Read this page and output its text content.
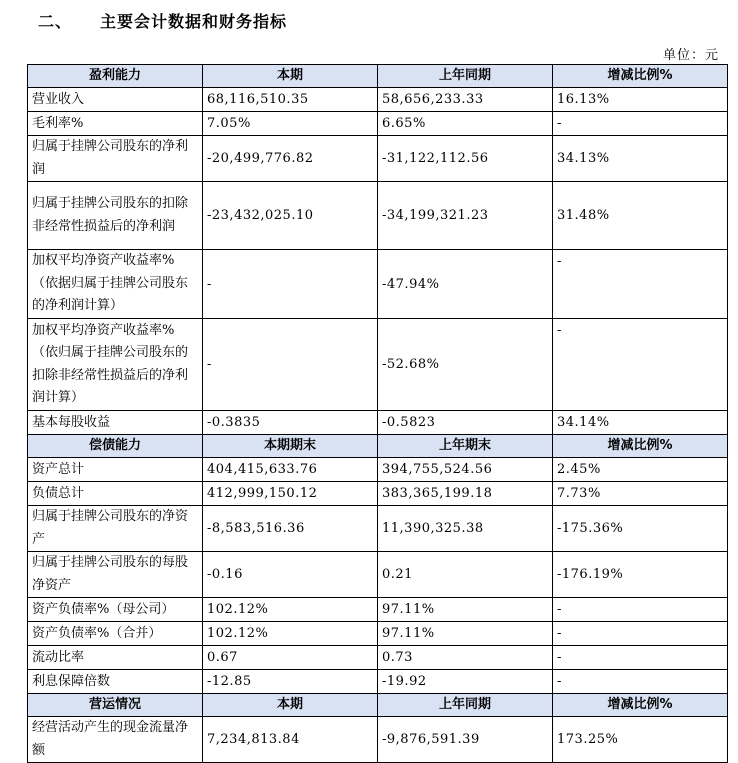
二、	主要会计数据和财务指标
单位：元
盈利能力	本期	上年同期	增减比例%
营业收入	68,116,510.35	58,656,233.33	16.13%
毛利率%	7.05%	6.65%	-
归属于挂牌公司股东的净利润	-20,499,776.82	-31,122,112.56	34.13%
归属于挂牌公司股东的扣除非经常性损益后的净利润	-23,432,025.10	-34,199,321.23	31.48%
加权平均净资产收益率%（依据归属于挂牌公司股东的净利润计算）	-	-47.94%	-
加权平均净资产收益率%（依归属于挂牌公司股东的扣除非经常性损益后的净利润计算）	-	-52.68%	-
基本每股收益	-0.3835	-0.5823	34.14%
偿债能力	本期期末	上年期末	增减比例%
资产总计	404,415,633.76	394,755,524.56	2.45%
负债总计	412,999,150.12	383,365,199.18	7.73%
归属于挂牌公司股东的净资产	-8,583,516.36	11,390,325.38	-175.36%
归属于挂牌公司股东的每股净资产	-0.16	0.21	-176.19%
资产负债率%（母公司）	102.12%	97.11%	-
资产负债率%（合并）	102.12%	97.11%	-
流动比率	0.67	0.73	-
利息保障倍数	-12.85	-19.92	-
营运情况	本期	上年同期	增减比例%
经营活动产生的现金流量净额	7,234,813.84	-9,876,591.39	173.25%
